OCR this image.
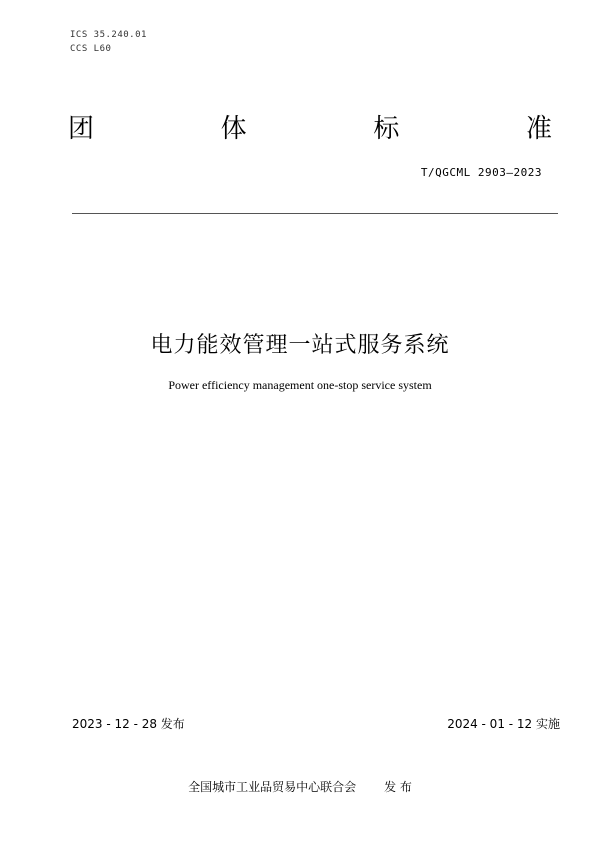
ICS 35.240.01
CCS L60
团	体	标	准
T/QGCML 2903—2023
电力能效管理一站式服务系统
Power efficiency management one-stop service system
2023 - 12 - 28 发布	2024 - 01 - 12 实施
全国城市工业品贸易中心联合会 发 布
